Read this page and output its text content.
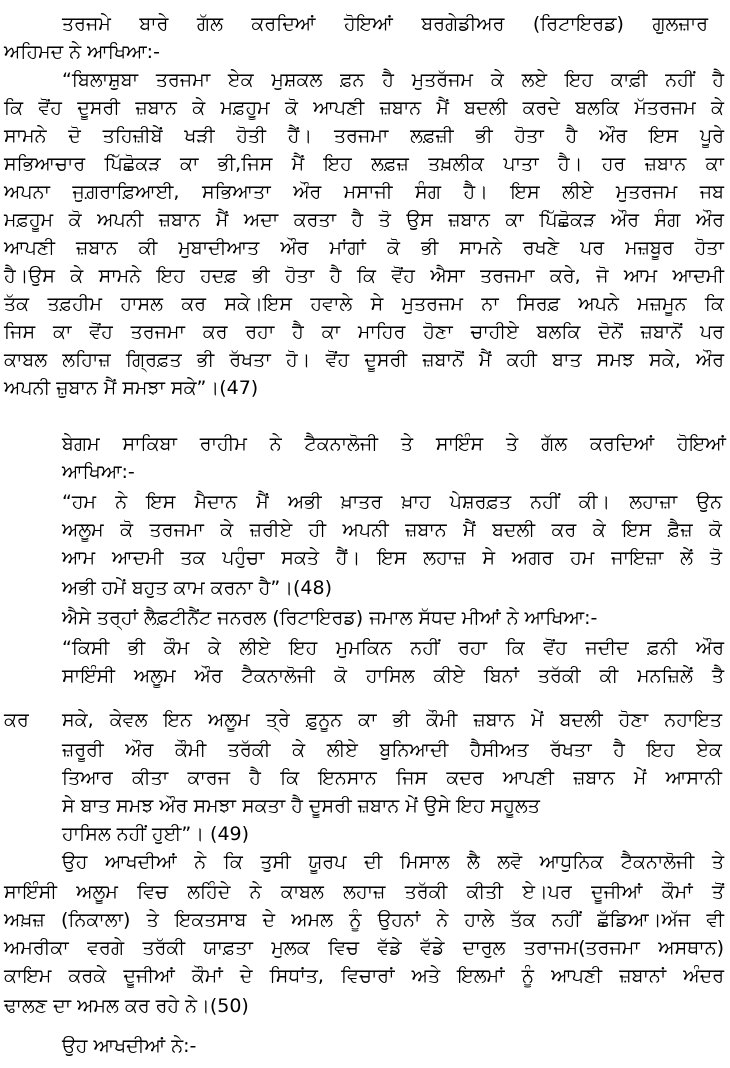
ਤਰਜਮੇ ਬਾਰੇ ਗੱਲ ਕਰਦਿਆਂ ਹੋਇਆਂ ਬਰਗੇਡੀਅਰ (ਰਿਟਾਇਰਡ) ਗੁਲਜ਼ਾਰ
ਅਹਿਮਦ ਨੇ ਆਖਿਆ:-
“ਬਿਲਾਸ਼ੁਬਾ ਤਰਜਮਾ ਏਕ ਮੁਸ਼ਕਲ ਫ਼ਨ ਹੈ ਮੁਤਰੱਜਮ ਕੇ ਲਏ ਇਹ ਕਾਫ਼ੀ ਨਹੀਂ ਹੈ
ਕਿ ਵੋਂਹ ਦੂਸਰੀ ਜ਼ਬਾਨ ਕੇ ਮਫ਼ਹੂਮ ਕੋ ਆਪਣੀ ਜ਼ਬਾਨ ਮੈਂ ਬਦਲੀ ਕਰਦੇ ਬਲਕਿ ਮੱਤਰਜਮ ਕੇ
ਸਾਮਨੇ ਦੋ ਤਹਿਜ਼ੀਬੇਂ ਖੜੀ ਹੋਤੀ ਹੈਂ। ਤਰਜਮਾ ਲਫ਼ਜ਼ੀ ਭੀ ਹੋਤਾ ਹੈ ਔਰ ਇਸ ਪੂਰੇ
ਸਭਿਆਚਾਰ ਪਿੱਛੋਕੜ ਕਾ ਭੀ,ਜਿਸ ਮੈਂ ਇਹ ਲਫ਼ਜ਼ ਤਖ਼ਲੀਕ ਪਾਤਾ ਹੈ। ਹਰ ਜ਼ਬਾਨ ਕਾ
ਅਪਨਾ ਜੁਗ਼ਰਾਫ਼ਿਆਈ, ਸਭਿਆਤਾ ਔਰ ਮਸਾਜੀ ਸੰਗ ਹੈ। ਇਸ ਲੀਏ ਮੁਤਰਜਮ ਜਬ
ਮਫ਼ਹੂਮ ਕੋ ਅਪਨੀ ਜ਼ਬਾਨ ਮੈਂ ਅਦਾ ਕਰਤਾ ਹੈ ਤੋ ਉਸ ਜ਼ਬਾਨ ਕਾ ਪਿੱਛੋਕੜ ਔਰ ਸੰਗ ਔਰ
ਆਪਣੀ ਜ਼ਬਾਨ ਕੀ ਮੁਬਾਦੀਆਤ ਔਰ ਮਾਂਗਾਂ ਕੋ ਭੀ ਸਾਮਨੇ ਰਖਣੇ ਪਰ ਮਜ਼ਬੂਰ ਹੋਤਾ
ਹੈ।ਉਸ ਕੇ ਸਾਮਨੇ ਇਹ ਹਦਫ਼ ਭੀ ਹੋਤਾ ਹੈ ਕਿ ਵੋਂਹ ਐਸਾ ਤਰਜਮਾ ਕਰੇ, ਜੋ ਆਮ ਆਦਮੀ
ਤੱਕ ਤਫ਼ਹੀਮ ਹਾਸਲ ਕਰ ਸਕੇ।ਇਸ ਹਵਾਲੇ ਸੇ ਮੁਤਰਜਮ ਨਾ ਸਿਰਫ਼ ਅਪਨੇ ਮਜ਼ਮੂਨ ਕਿ
ਜਿਸ ਕਾ ਵੋਂਹ ਤਰਜਮਾ ਕਰ ਰਹਾ ਹੈ ਕਾ ਮਾਹਿਰ ਹੋਣਾ ਚਾਹੀਏ ਬਲਕਿ ਦੋਨੋਂ ਜ਼ਬਾਨੋਂ ਪਰ
ਕਾਬਲ ਲਹਿਾਜ਼ ਗ੍ਰਿਫ਼ਤ ਭੀ ਰੱਖਤਾ ਹੋ। ਵੋਂਹ ਦੂਸਰੀ ਜ਼ਬਾਨੋਂ ਮੈਂ ਕਹੀ ਬਾਤ ਸਮਝ ਸਕੇ, ਔਰ
ਅਪਨੀ ਜ਼ੁਬਾਨ ਮੈਂ ਸਮਝਾ ਸਕੇ”।(47)
ਬੇਗਮ ਸਾਕਿਬਾ ਰਾਹੀਮ ਨੇ ਟੈਕਨਾਲੋਜੀ ਤੇ ਸਾਇੰਸ ਤੇ ਗੱਲ ਕਰਦਿਆਂ ਹੋਇਆਂ
ਆਖਿਆ:-
“ਹਮ ਨੇ ਇਸ ਮੈਦਾਨ ਮੈਂ ਅਭੀ ਖ਼ਾਤਰ ਖ਼ਾਹ ਪੇਸ਼ਰਫ਼ਤ ਨਹੀਂ ਕੀ। ਲਹਾਜ਼ਾ ਉਨ
ਅਲੂਮ ਕੋ ਤਰਜਮਾ ਕੇ ਜ਼ਰੀਏ ਹੀ ਅਪਨੀ ਜ਼ਬਾਨ ਮੈਂ ਬਦਲੀ ਕਰ ਕੇ ਇਸ ਫ਼ੈਜ਼ ਕੋ
ਆਮ ਆਦਮੀ ਤਕ ਪਹੁੰਚਾ ਸਕਤੇ ਹੈਂ। ਇਸ ਲਹਾਜ਼ ਸੇ ਅਗਰ ਹਮ ਜਾਇਜ਼ਾ ਲੇਂ ਤੋ
ਅਭੀ ਹਮੇਂ ਬਹੁਤ ਕਾਮ ਕਰਨਾ ਹੈ”।(48)
ਐਸੇ ਤਰ੍ਹਾਂ ਲੈਫ਼ਟੀਨੈਂਟ ਜਨਰਲ (ਰਿਟਾਇਰਡ) ਜਮਾਲ ਸੱਧਦ ਮੀਆਂ ਨੇ ਆਖਿਆ:-
“ਕਿਸੀ ਭੀ ਕੌਮ ਕੇ ਲੀਏ ਇਹ ਮੁਮਕਿਨ ਨਹੀਂ ਰਹਾ ਕਿ ਵੋਂਹ ਜਦੀਦ ਫ਼ਨੀ ਔਰ
ਸਾਇੰਸੀ ਅਲੂਮ ਔਰ ਟੈਕਨਾਲੋਜੀ ਕੋ ਹਾਸਿਲ ਕੀਏ ਬਿਨਾਂ ਤਰੱਕੀ ਕੀ ਮਨਜ਼ਿਲੇਂ ਤੈ
ਕਰ	ਸਕੇ, ਕੇਵਲ ਇਨ ਅਲੂਮ ਤ੍ਰੇ ਫ਼ੁਨੂਨ ਕਾ ਭੀ ਕੌਮੀ ਜ਼ਬਾਨ ਮੇਂ ਬਦਲੀ ਹੋਣਾ ਨਹਾਇਤ
ਜ਼ਰੂਰੀ ਔਰ ਕੌਮੀ ਤਰੱਕੀ ਕੇ ਲੀਏ ਬੁਨਿਆਦੀ ਹੈਸੀਅਤ ਰੱਖਤਾ ਹੈ ਇਹ ਏਕ
ਤਿਆਰ ਕੀਤਾ ਕਾਰਜ ਹੈ ਕਿ ਇਨਸਾਨ ਜਿਸ ਕਦਰ ਆਪਣੀ ਜ਼ਬਾਨ ਮੇਂ ਆਸਾਨੀ
ਸੇ ਬਾਤ ਸਮਝ ਔਰ ਸਮਝਾ ਸਕਤਾ ਹੈ ਦੂਸਰੀ ਜ਼ਬਾਨ ਮੇਂ ਉਸੇ ਇਹ ਸਹੂਲਤ
ਹਾਸਿਲ ਨਹੀਂ ਹੁਈ”। (49)
ਉਹ ਆਖਦੀਆਂ ਨੇ ਕਿ ਤੁਸੀ ਯੂਰਪ ਦੀ ਮਿਸਾਲ ਲੈ ਲਵੋ ਆਧੁਨਿਕ ਟੈਕਨਾਲੋਜੀ ਤੇ
ਸਾਇੰਸੀ ਅਲੂਮ ਵਿਚ ਲਹਿੰਦੇ ਨੇ ਕਾਬਲ ਲਹਾਜ਼ ਤਰੱਕੀ ਕੀਤੀ ਏ।ਪਰ ਦੂਜੀਆਂ ਕੌਮਾਂ ਤੋਂ
ਅਖ਼ਜ਼ (ਨਿਕਾਲਾ) ਤੇ ਇਕਤਸਾਬ ਦੇ ਅਮਲ ਨੂੰ ਉਹਨਾਂ ਨੇ ਹਾਲੇ ਤੱਕ ਨਹੀਂ ਛੱਡਿਆ।ਅੱਜ ਵੀ
ਅਮਰੀਕਾ ਵਰਗੇ ਤਰੱਕੀ ਯਾਫ਼ਤਾ ਮੁਲਕ ਵਿਚ ਵੱਡੇ ਵੱਡੇ ਦਾਰੁਲ ਤਰਾਜਮ(ਤਰਜਮਾ ਅਸਥਾਨ)
ਕਾਇਮ ਕਰਕੇ ਦੂਜੀਆਂ ਕੌਮਾਂ ਦੇ ਸਿਧਾਂਤ, ਵਿਚਾਰਾਂ ਅਤੇ ਇਲਮਾਂ ਨੂੰ ਆਪਣੀ ਜ਼ਬਾਨਾਂ ਅੰਦਰ
ਢਾਲਣ ਦਾ ਅਮਲ ਕਰ ਰਹੇ ਨੇ।(50)
ਉਹ ਆਖਦੀਆਂ ਨੇ:-
